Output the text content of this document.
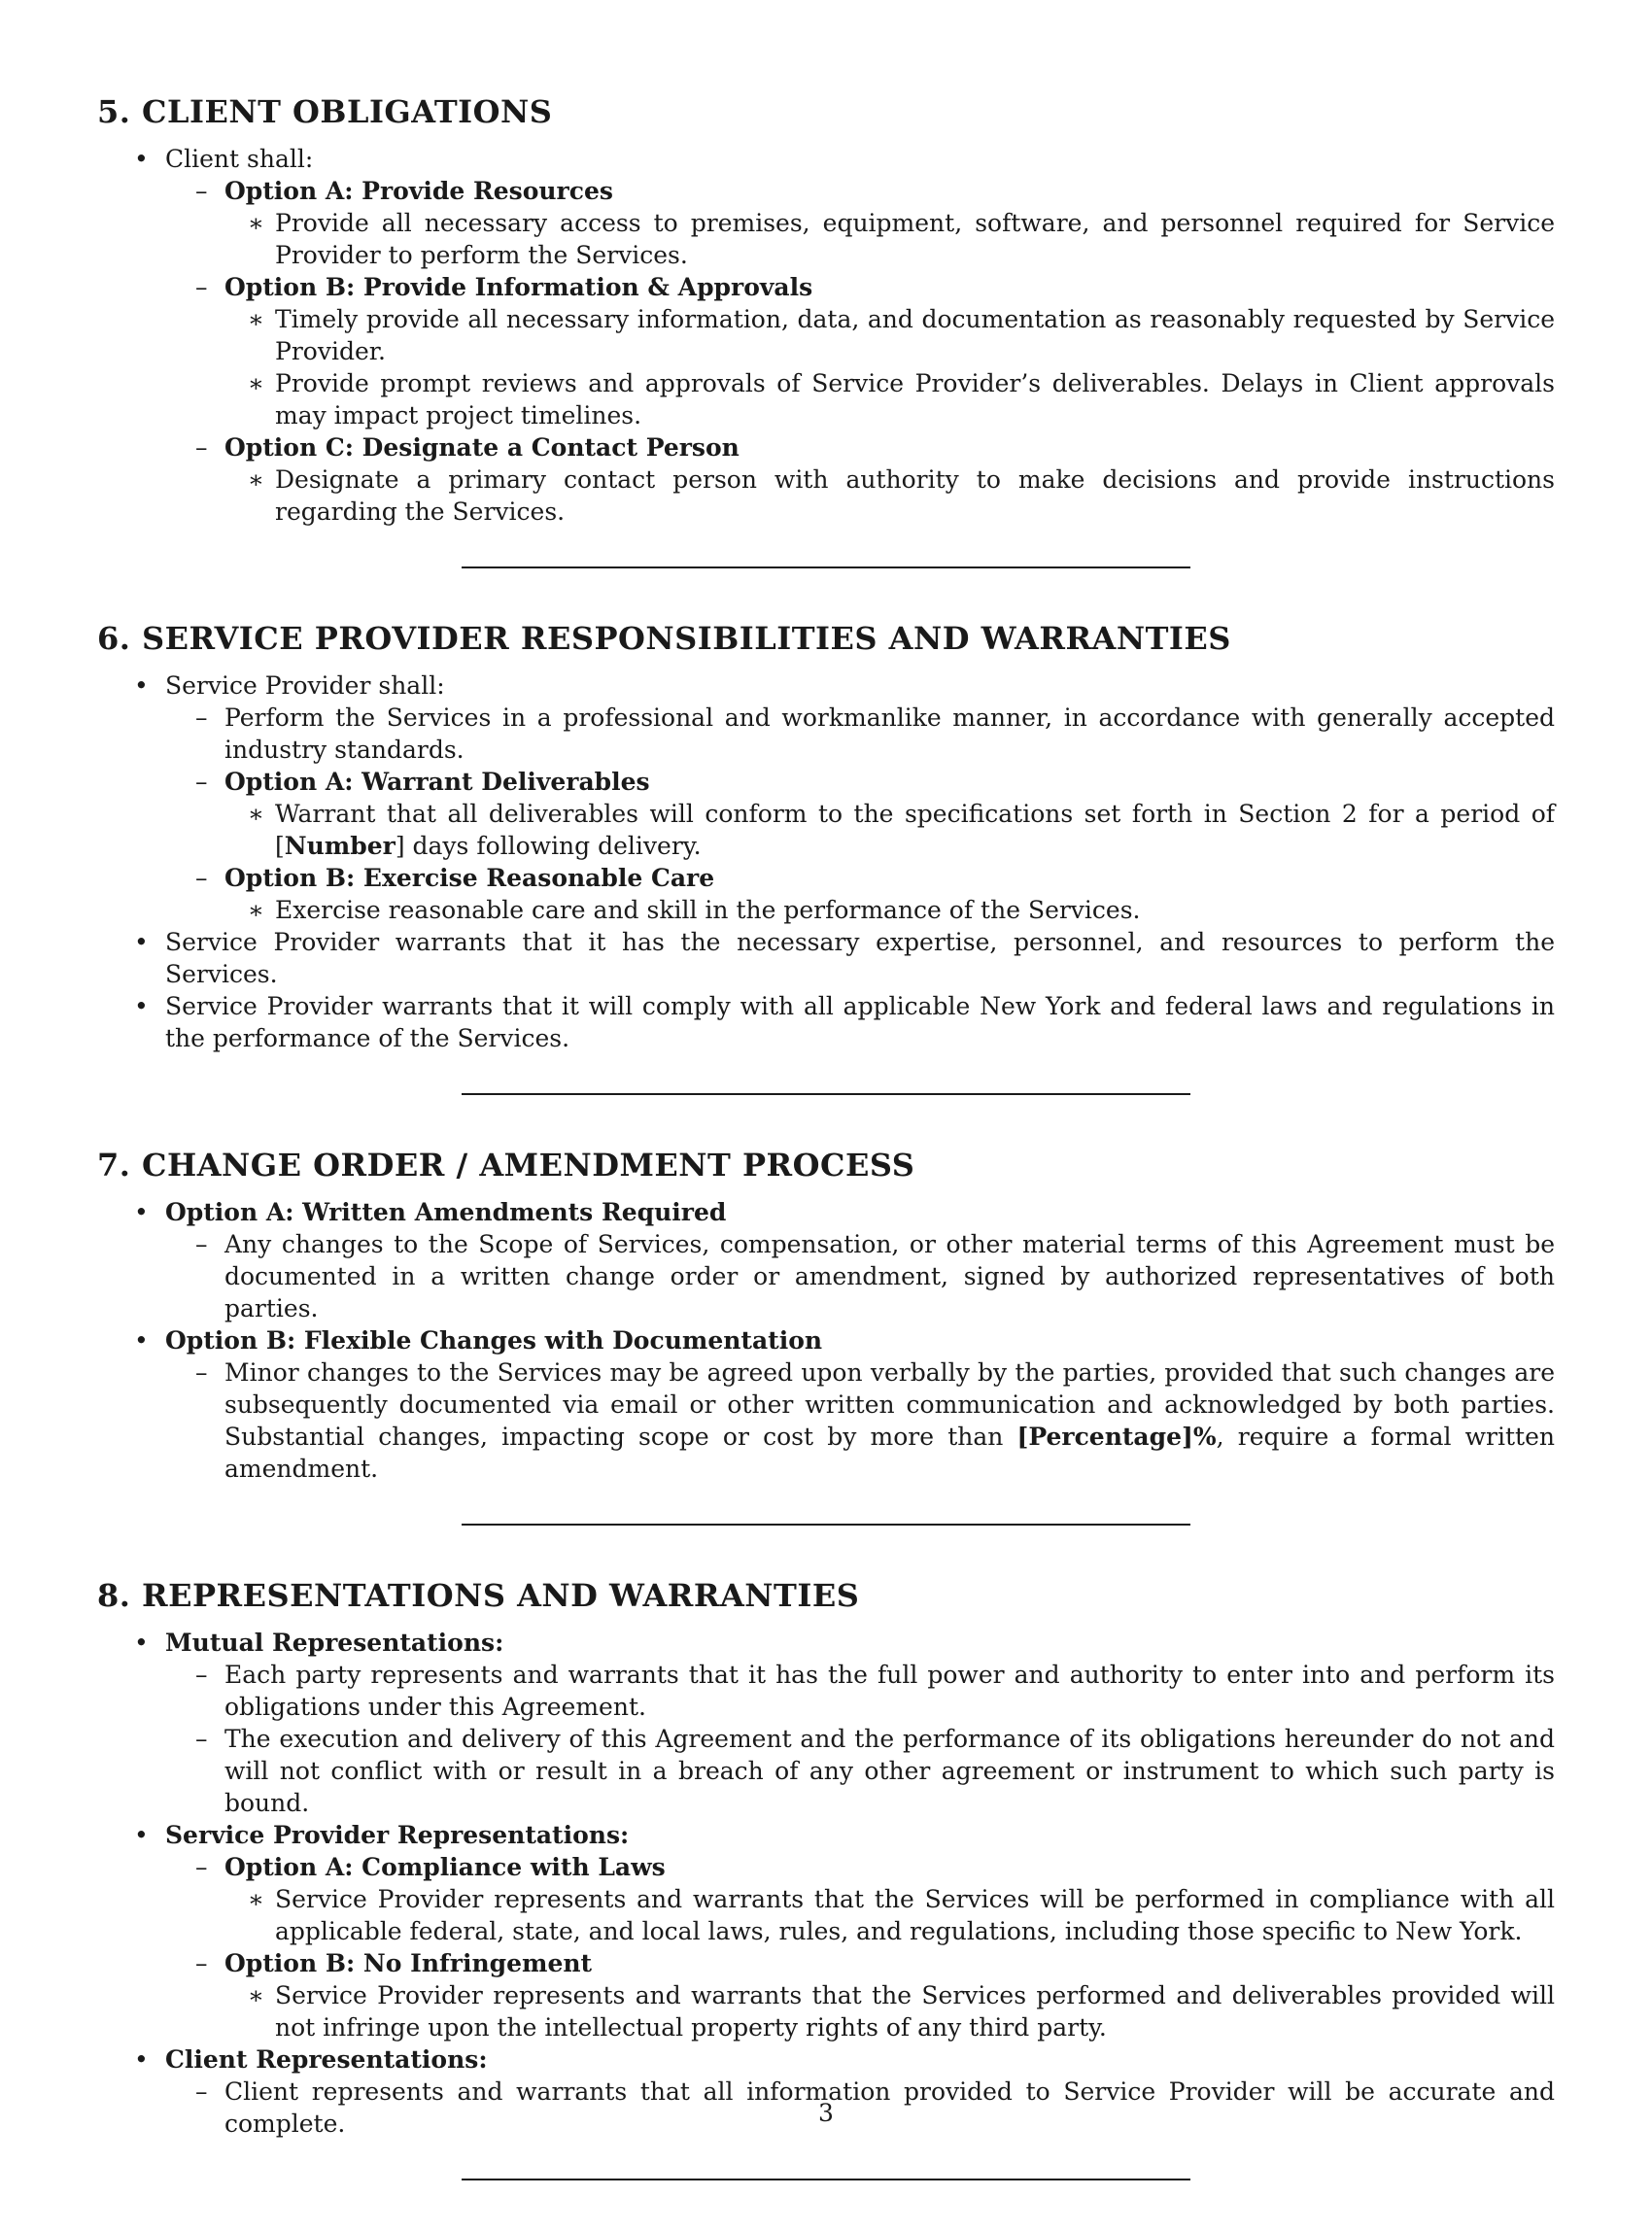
5. CLIENT OBLIGATIONS
• Client shall:
– Option A: Provide Resources
∗ Provide all necessary access to premises, equipment, software, and personnel required for Service Provider to perform the Services.
– Option B: Provide Information & Approvals
∗ Timely provide all necessary information, data, and documentation as reasonably requested by Service Provider.
∗ Provide prompt reviews and approvals of Service Provider’s deliverables. Delays in Client approvals may impact project timelines.
– Option C: Designate a Contact Person
∗ Designate a primary contact person with authority to make decisions and provide instructions regarding the Services.
6. SERVICE PROVIDER RESPONSIBILITIES AND WARRANTIES
• Service Provider shall:
– Perform the Services in a professional and workmanlike manner, in accordance with generally accepted industry standards.
– Option A: Warrant Deliverables
∗ Warrant that all deliverables will conform to the specifications set forth in Section 2 for a period of [Number] days following delivery.
– Option B: Exercise Reasonable Care
∗ Exercise reasonable care and skill in the performance of the Services.
• Service Provider warrants that it has the necessary expertise, personnel, and resources to perform the Services.
• Service Provider warrants that it will comply with all applicable New York and federal laws and regulations in the performance of the Services.
7. CHANGE ORDER / AMENDMENT PROCESS
• Option A: Written Amendments Required
– Any changes to the Scope of Services, compensation, or other material terms of this Agreement must be documented in a written change order or amendment, signed by authorized representatives of both parties.
• Option B: Flexible Changes with Documentation
– Minor changes to the Services may be agreed upon verbally by the parties, provided that such changes are subsequently documented via email or other written communication and acknowledged by both parties. Substantial changes, impacting scope or cost by more than [Percentage]%, require a formal written amendment.
8. REPRESENTATIONS AND WARRANTIES
• Mutual Representations:
– Each party represents and warrants that it has the full power and authority to enter into and perform its obligations under this Agreement.
– The execution and delivery of this Agreement and the performance of its obligations hereunder do not and will not conflict with or result in a breach of any other agreement or instrument to which such party is bound.
• Service Provider Representations:
– Option A: Compliance with Laws
∗ Service Provider represents and warrants that the Services will be performed in compliance with all applicable federal, state, and local laws, rules, and regulations, including those specific to New York.
– Option B: No Infringement
∗ Service Provider represents and warrants that the Services performed and deliverables provided will not infringe upon the intellectual property rights of any third party.
• Client Representations:
– Client represents and warrants that all information provided to Service Provider will be accurate and complete.	3
